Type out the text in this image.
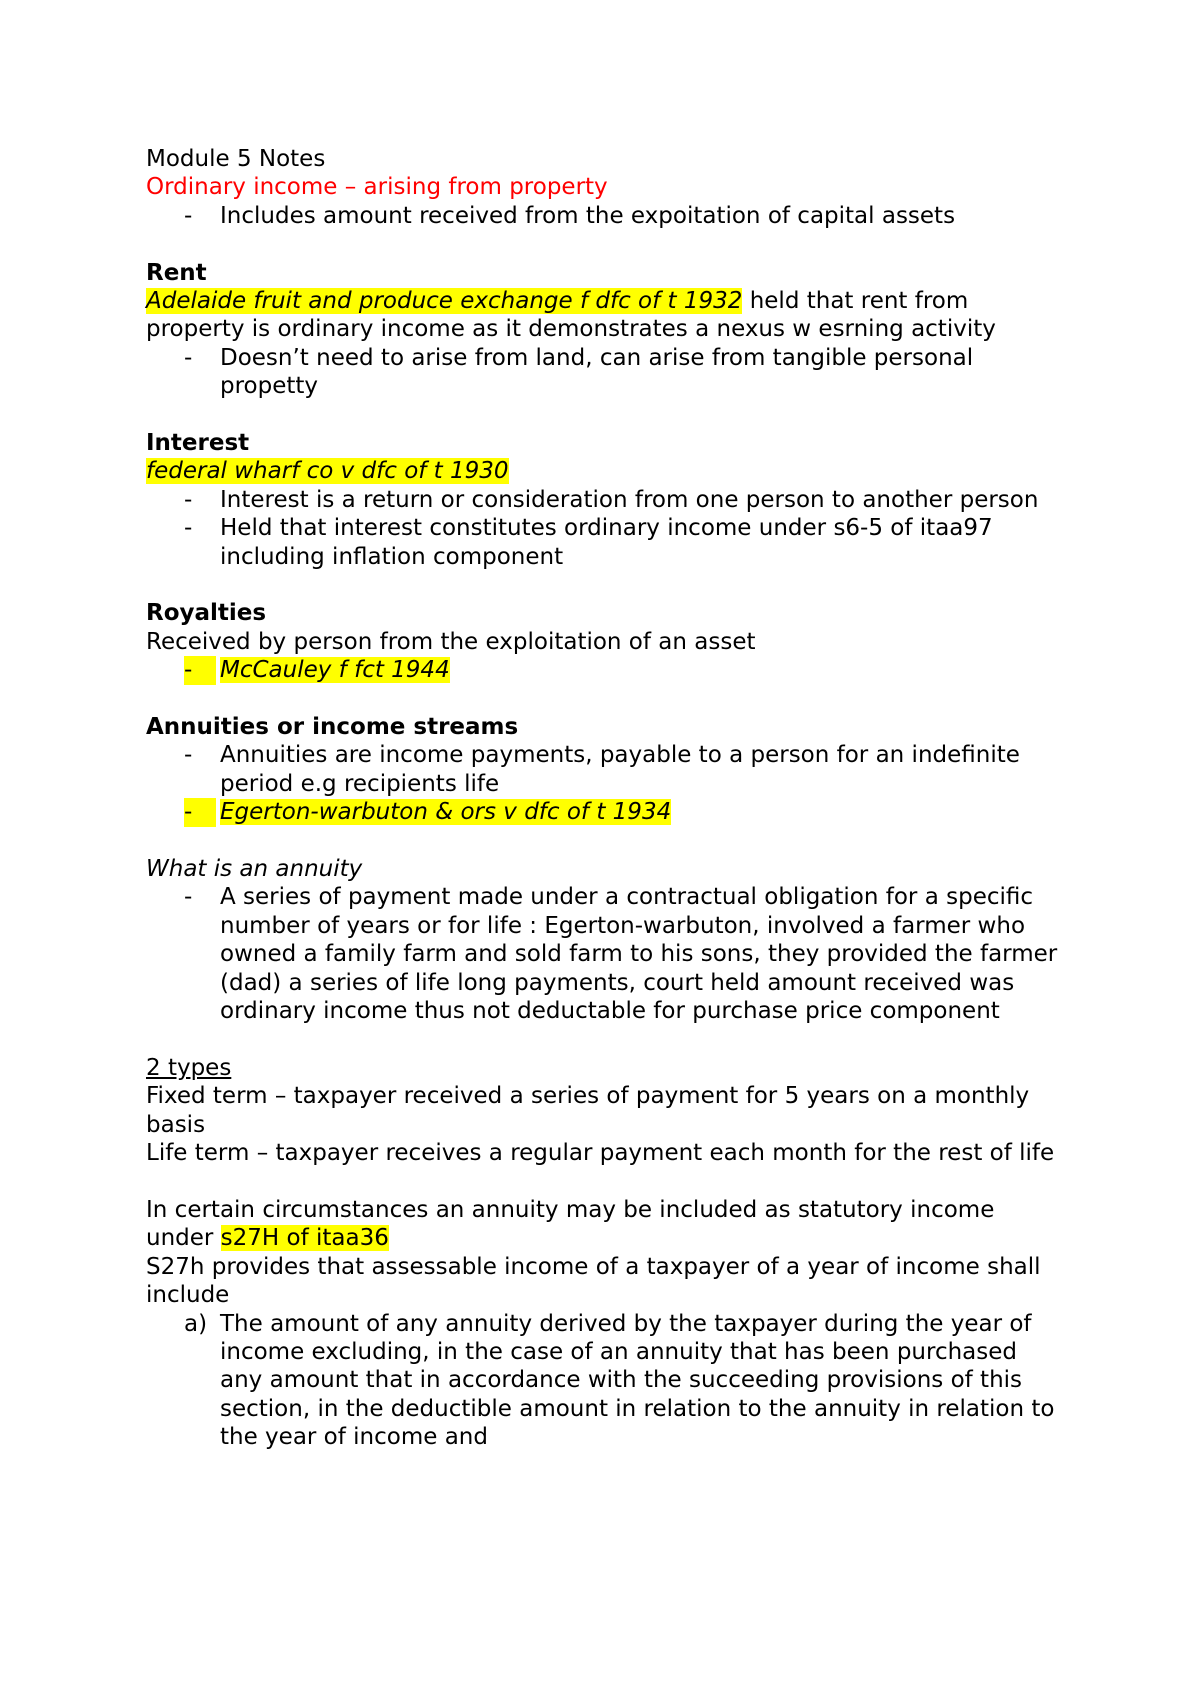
Module 5 Notes

Ordinary income – arising from property

- Includes amount received from the expoitation of capital assets

Rent

Adelaide fruit and produce exchange f dfc of t 1932 held that rent from property is ordinary income as it demonstrates a nexus w esrning activity

- Doesn’t need to arise from land, can arise from tangible personal propetty

Interest

federal wharf co v dfc of t 1930

- Interest is a return or consideration from one person to another person
- Held that interest constitutes ordinary income under s6-5 of itaa97 including inflation component

Royalties

Received by person from the exploitation of an asset

-	McCauley f fct 1944

Annuities or income streams

- Annuities are income payments, payable to a person for an indefinite period e.g recipients life
-	Egerton-warbuton & ors v dfc of t 1934

What is an annuity

- A series of payment made under a contractual obligation for a specific number of years or for life : Egerton-warbuton, involved a farmer who owned a family farm and sold farm to his sons, they provided the farmer (dad) a series of life long payments, court held amount received was ordinary income thus not deductable for purchase price component

2 types

Fixed term – taxpayer received a series of payment for 5 years on a monthly basis

Life term – taxpayer receives a regular payment each month for the rest of life

In certain circumstances an annuity may be included as statutory income under s27H of itaa36

S27h provides that assessable income of a taxpayer of a year of income shall include

a) The amount of any annuity derived by the taxpayer during the year of income excluding, in the case of an annuity that has been purchased any amount that in accordance with the succeeding provisions of this section, in the deductible amount in relation to the annuity in relation to the year of income and
